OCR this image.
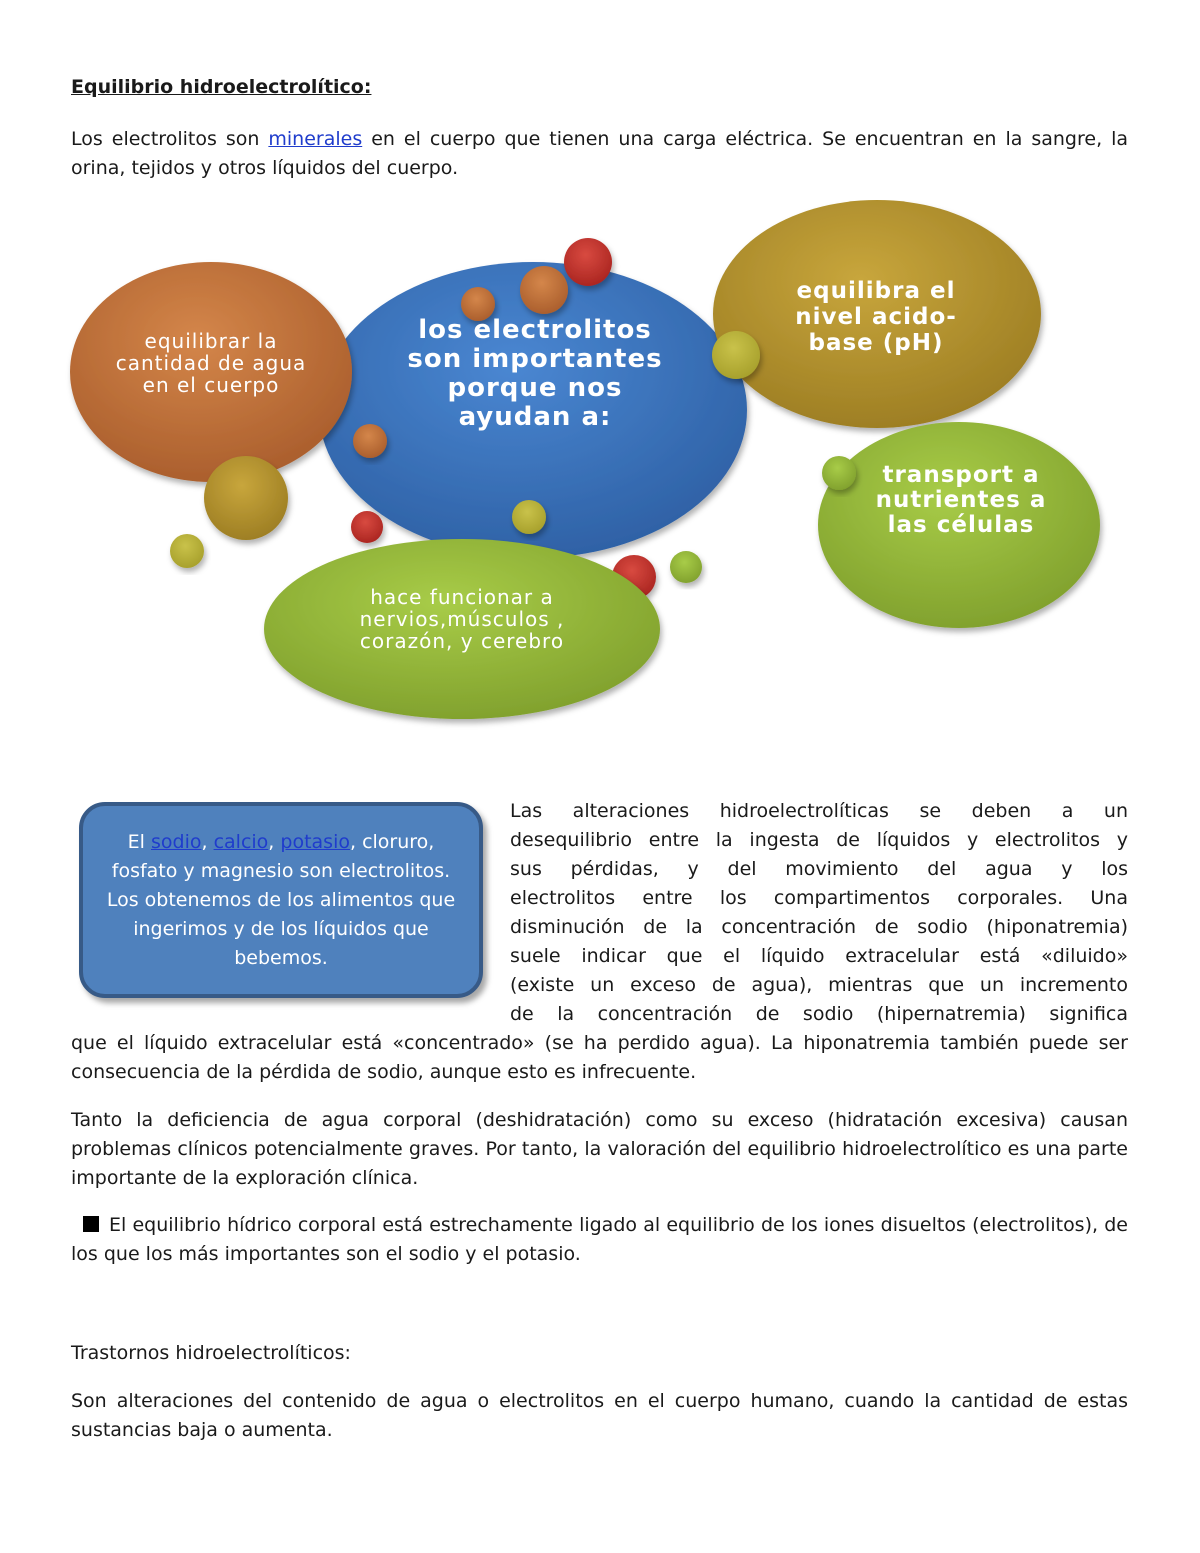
Equilibrio hidroelectrolítico:

Los electrolitos son minerales en el cuerpo que tienen una carga eléctrica. Se encuentran en la sangre, la orina, tejidos y otros líquidos del cuerpo.

los electrolitos son importantes porque nos ayudan a:
equilibrar la cantidad de agua en el cuerpo
equilibra el nivel acido-base (pH)
transport a nutrientes a las células
hace funcionar a nervios,músculos , corazón, y cerebro
El sodio, calcio, potasio, cloruro, fosfato y magnesio son electrolitos. Los obtenemos de los alimentos que ingerimos y de los líquidos que bebemos.

Las alteraciones hidroelectrolíticas se deben a un

desequilibrio entre la ingesta de líquidos y electrolitos y

sus pérdidas, y del movimiento del agua y los

electrolitos entre los compartimentos corporales. Una

disminución de la concentración de sodio (hiponatremia)

suele indicar que el líquido extracelular está «diluido»

(existe un exceso de agua), mientras que un incremento

de la concentración de sodio (hipernatremia) significa

que el líquido extracelular está «concentrado» (se ha perdido agua). La hiponatremia también puede ser consecuencia de la pérdida de sodio, aunque esto es infrecuente.

Tanto la deficiencia de agua corporal (deshidratación) como su exceso (hidratación excesiva) causan problemas clínicos potencialmente graves. Por tanto, la valoración del equilibrio hidroelectrolítico es una parte importante de la exploración clínica.

El equilibrio hídrico corporal está estrechamente ligado al equilibrio de los iones disueltos (electrolitos), de los que los más importantes son el sodio y el potasio.

Trastornos hidroelectrolíticos:

Son alteraciones del contenido de agua o electrolitos en el cuerpo humano, cuando la cantidad de estas sustancias baja o aumenta.
